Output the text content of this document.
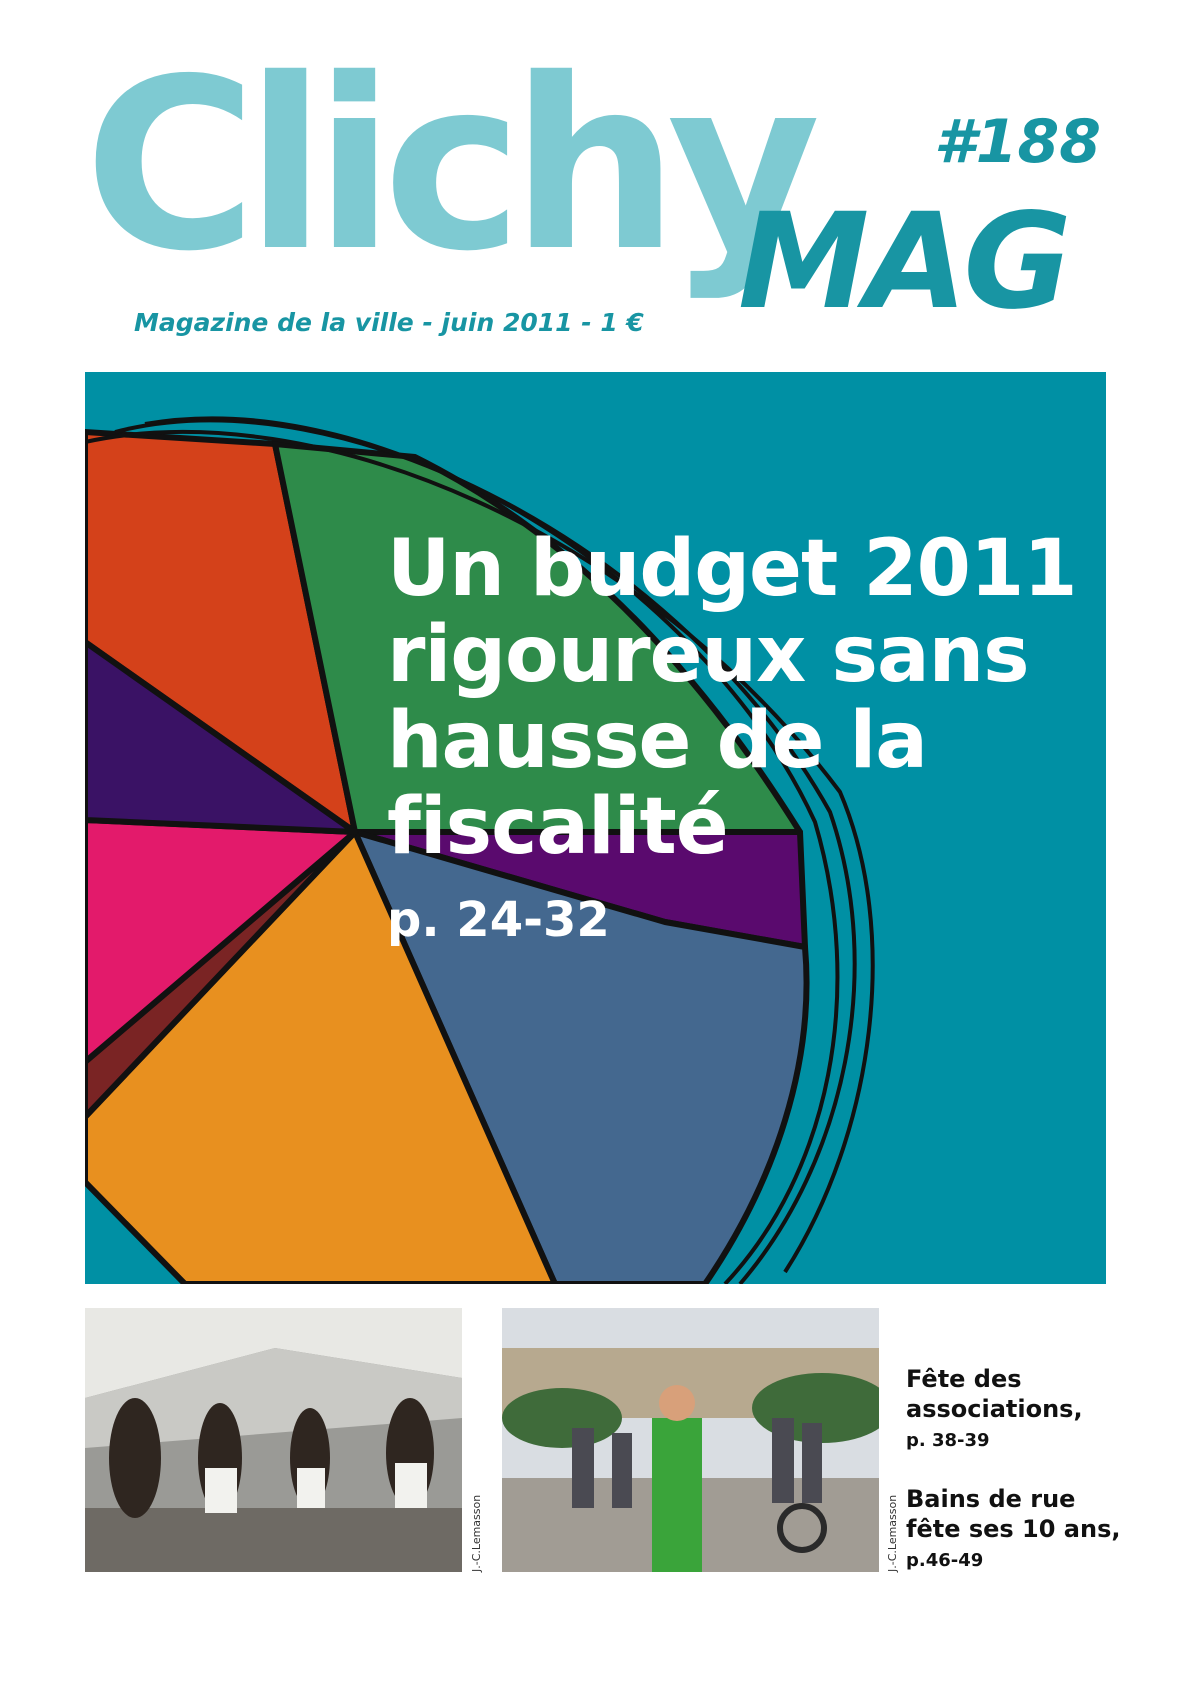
Clichy #188
MAG
Magazine de la ville - juin 2011 - 1 €
Un budget 2011
rigoureux sans
hausse de la
fiscalité
p. 24-32
J.-C.Lemasson	J.-C.Lemasson
Fête des
associations,
p. 38-39
Bains de rue
fête ses 10 ans,
p.46-49
